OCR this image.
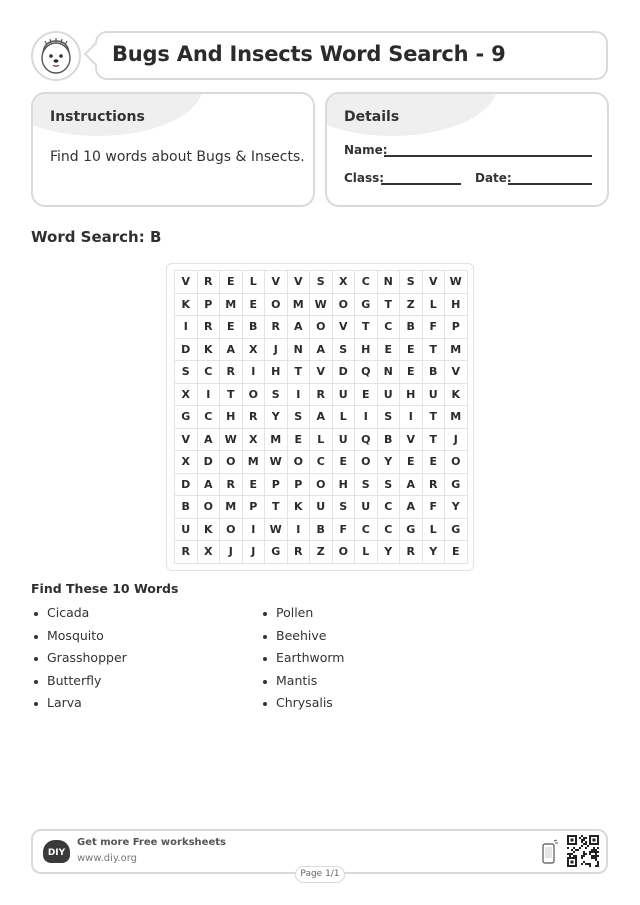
Bugs And Insects Word Search - 9
Instructions
Find 10 words about Bugs & Insects.
Details
Name:
Class:	Date:
Word Search: B
V	R	E	L	V	V	S	X	C	N	S	V	W
K	P	M	E	O	M	W	O	G	T	Z	L	H
I	R	E	B	R	A	O	V	T	C	B	F	P
D	K	A	X	J	N	A	S	H	E	E	T	M
S	C	R	I	H	T	V	D	Q	N	E	B	V
X	I	T	O	S	I	R	U	E	U	H	U	K
G	C	H	R	Y	S	A	L	I	S	I	T	M
V	A	W	X	M	E	L	U	Q	B	V	T	J
X	D	O	M	W	O	C	E	O	Y	E	E	O
D	A	R	E	P	P	O	H	S	S	A	R	G
B	O	M	P	T	K	U	S	U	C	A	F	Y
U	K	O	I	W	I	B	F	C	C	G	L	G
R	X	J	J	G	R	Z	O	L	Y	R	Y	E
Find These 10 Words
Cicada
Mosquito
Grasshopper
Butterfly
Larva
Pollen
Beehive
Earthworm
Mantis
Chrysalis
DIY
Get more Free worksheets
www.diy.org
Page 1/1
